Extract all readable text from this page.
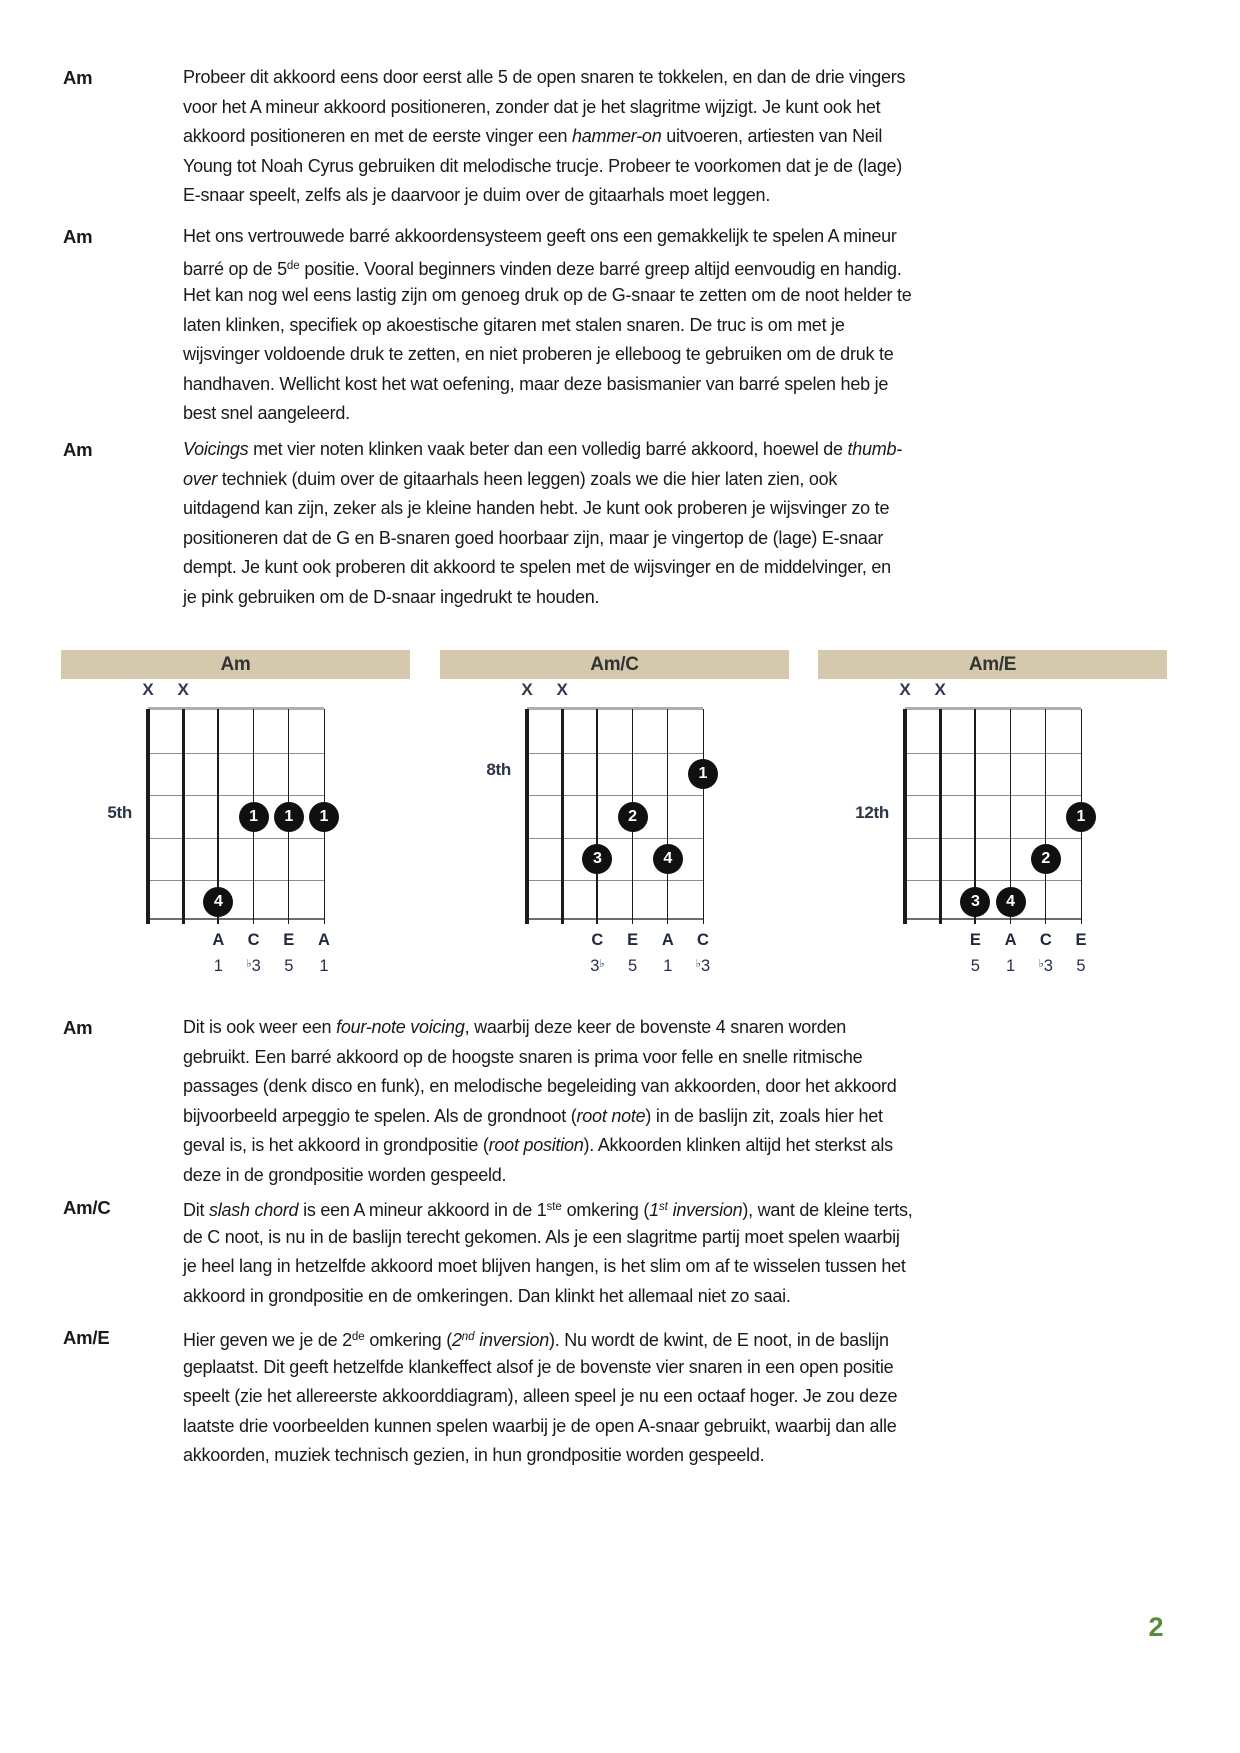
Am	Probeer dit akkoord eens door eerst alle 5 de open snaren te tokkelen, en dan de drie vingers
voor het A mineur akkoord positioneren, zonder dat je het slagritme wijzigt. Je kunt ook het
akkoord positioneren en met de eerste vinger een hammer-on uitvoeren, artiesten van Neil
Young tot Noah Cyrus gebruiken dit melodische trucje. Probeer te voorkomen dat je de (lage)
E-snaar speelt, zelfs als je daarvoor je duim over de gitaarhals moet leggen.
Am	Het ons vertrouwede barré akkoordensysteem geeft ons een gemakkelijk te spelen A mineur
barré op de 5de positie. Vooral beginners vinden deze barré greep altijd eenvoudig en handig.
Het kan nog wel eens lastig zijn om genoeg druk op de G-snaar te zetten om de noot helder te
laten klinken, specifiek op akoestische gitaren met stalen snaren. De truc is om met je
wijsvinger voldoende druk te zetten, en niet proberen je elleboog te gebruiken om de druk te
handhaven. Wellicht kost het wat oefening, maar deze basismanier van barré spelen heb je
best snel aangeleerd.
Am	Voicings met vier noten klinken vaak beter dan een volledig barré akkoord, hoewel de thumb-
over techniek (duim over de gitaarhals heen leggen) zoals we die hier laten zien, ook
uitdagend kan zijn, zeker als je kleine handen hebt. Je kunt ook proberen je wijsvinger zo te
positioneren dat de G en B-snaren goed hoorbaar zijn, maar je vingertop de (lage) E-snaar
dempt. Je kunt ook proberen dit akkoord te spelen met de wijsvinger en de middelvinger, en
je pink gebruiken om de D-snaar ingedrukt te houden.
Am	Dit is ook weer een four-note voicing, waarbij deze keer de bovenste 4 snaren worden
gebruikt. Een barré akkoord op de hoogste snaren is prima voor felle en snelle ritmische
passages (denk disco en funk), en melodische begeleiding van akkoorden, door het akkoord
bijvoorbeeld arpeggio te spelen. Als de grondnoot (root note) in de baslijn zit, zoals hier het
geval is, is het akkoord in grondpositie (root position). Akkoorden klinken altijd het sterkst als
deze in de grondpositie worden gespeeld.
Am/C	Dit slash chord is een A mineur akkoord in de 1ste omkering (1st inversion), want de kleine terts,
de C noot, is nu in de baslijn terecht gekomen. Als je een slagritme partij moet spelen waarbij
je heel lang in hetzelfde akkoord moet blijven hangen, is het slim om af te wisselen tussen het
akkoord in grondpositie en de omkeringen. Dan klinkt het allemaal niet zo saai.
Am/E	Hier geven we je de 2de omkering (2nd inversion). Nu wordt de kwint, de E noot, in de baslijn
geplaatst. Dit geeft hetzelfde klankeffect alsof je de bovenste vier snaren in een open positie
speelt (zie het allereerste akkoorddiagram), alleen speel je nu een octaaf hoger. Je zou deze
laatste drie voorbeelden kunnen spelen waarbij je de open A-snaar gebruikt, waarbij dan alle
akkoorden, muziek technisch gezien, in hun grondpositie worden gespeeld.
Am
X	X
1	1	1
4
5th
A	C	E	A
1	♭3	5	1
Am/C
X	X
1
2
3	4
8th
C	E	A	C
3♭	5	1	♭3
Am/E
X	X
1
2
3	4
12th
E	A	C	E
5	1	♭3	5
2
